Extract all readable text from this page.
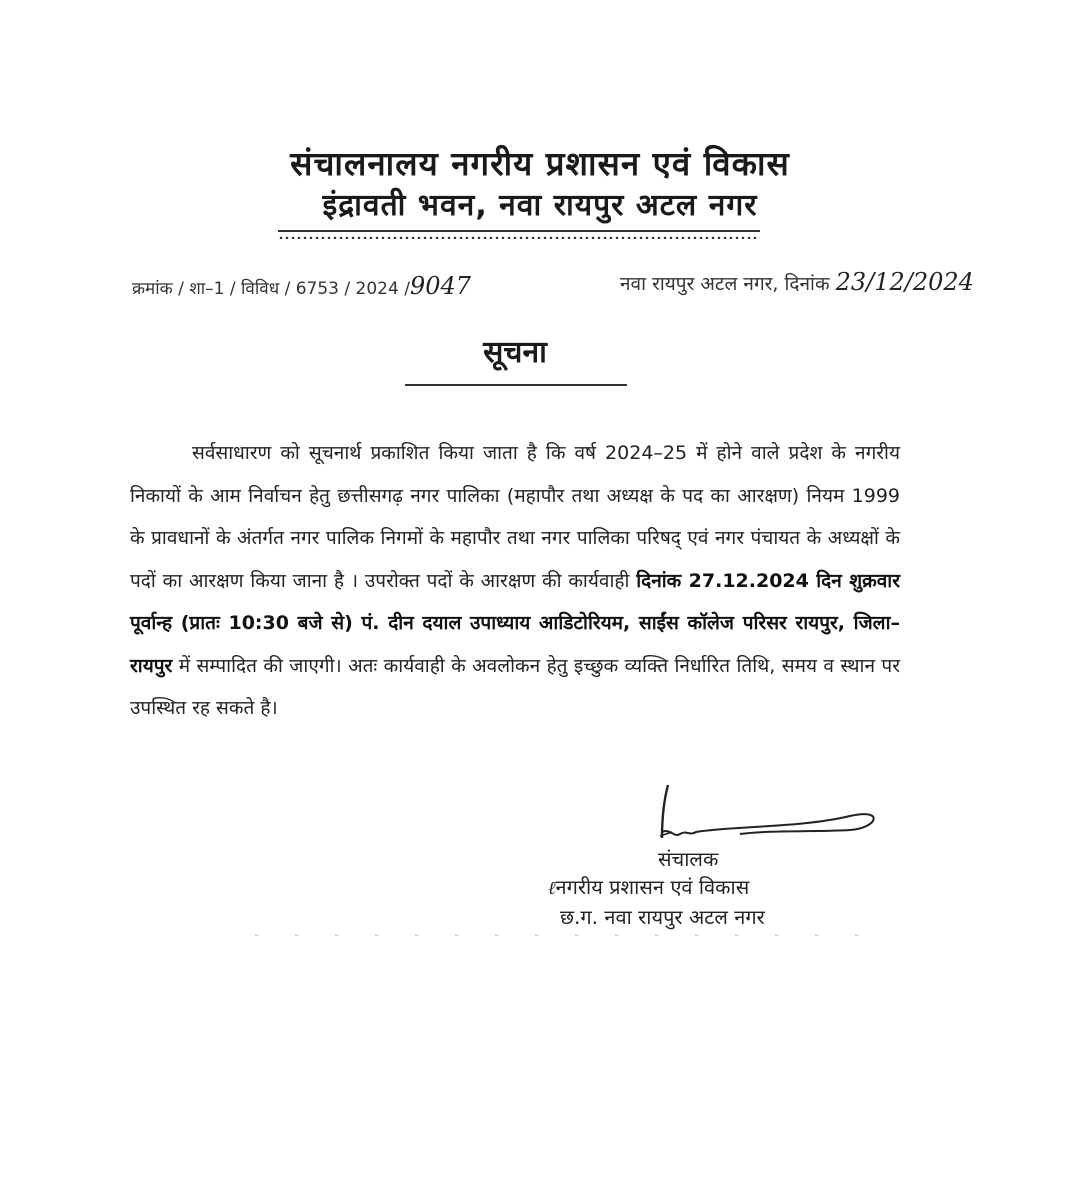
संचालनालय नगरीय प्रशासन एवं विकास
इंद्रावती भवन, नवा रायपुर अटल नगर
क्रमांक / शा–1 / विविध / 6753 / 2024 /9047	नवा रायपुर अटल नगर, दिनांक 23/12/2024
सूचना
सर्वसाधारण को सूचनार्थ प्रकाशित किया जाता है कि वर्ष 2024–25 में होने वाले प्रदेश के नगरीय निकायों के आम निर्वाचन हेतु छत्तीसगढ़ नगर पालिका (महापौर तथा अध्यक्ष के पद का आरक्षण) नियम 1999 के प्रावधानों के अंतर्गत नगर पालिक निगमों के महापौर तथा नगर पालिका परिषद् एवं नगर पंचायत के अध्यक्षों के पदों का आरक्षण किया जाना है । उपरोक्त पदों के आरक्षण की कार्यवाही दिनांक 27.12.2024 दिन शुक्रवार पूर्वान्ह (प्रातः 10:30 बजे से) पं. दीन दयाल उपाध्याय आडिटोरियम, साईंस कॉलेज परिसर रायपुर, जिला–रायपुर में सम्पादित की जाएगी। अतः कार्यवाही के अवलोकन हेतु इच्छुक व्यक्ति निर्धारित तिथि, समय व स्थान पर उपस्थित रह सकते है।
संचालक
ℓनगरीय प्रशासन एवं विकास
छ.ग. नवा रायपुर अटल नगर
